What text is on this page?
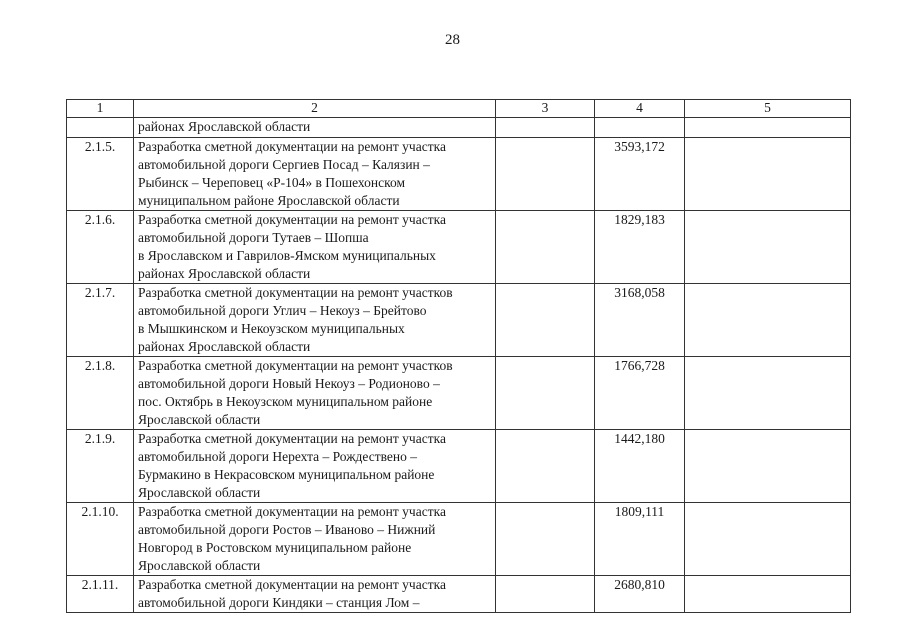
28
1	2	3	4	5
	районах Ярославской области			
2.1.5.	Разработка сметной документации на ремонт участка
автомобильной дороги Сергиев Посад – Калязин –
Рыбинск – Череповец «Р-104» в Пошехонском
муниципальном районе Ярославской области		3593,172	
2.1.6.	Разработка сметной документации на ремонт участка
автомобильной дороги Тутаев – Шопша
в Ярославском и Гаврилов-Ямском муниципальных
районах Ярославской области		1829,183	
2.1.7.	Разработка сметной документации на ремонт участков
автомобильной дороги Углич – Некоуз – Брейтово
в Мышкинском и Некоузском муниципальных
районах Ярославской области		3168,058	
2.1.8.	Разработка сметной документации на ремонт участков
автомобильной дороги Новый Некоуз – Родионово –
пос. Октябрь в Некоузском муниципальном районе
Ярославской области		1766,728	
2.1.9.	Разработка сметной документации на ремонт участка
автомобильной дороги Нерехта – Рождествено –
Бурмакино в Некрасовском муниципальном районе
Ярославской области		1442,180	
2.1.10.	Разработка сметной документации на ремонт участка
автомобильной дороги Ростов – Иваново – Нижний
Новгород в Ростовском муниципальном районе
Ярославской области		1809,111	
2.1.11.	Разработка сметной документации на ремонт участка
автомобильной дороги Киндяки – станция Лом –		2680,810	
